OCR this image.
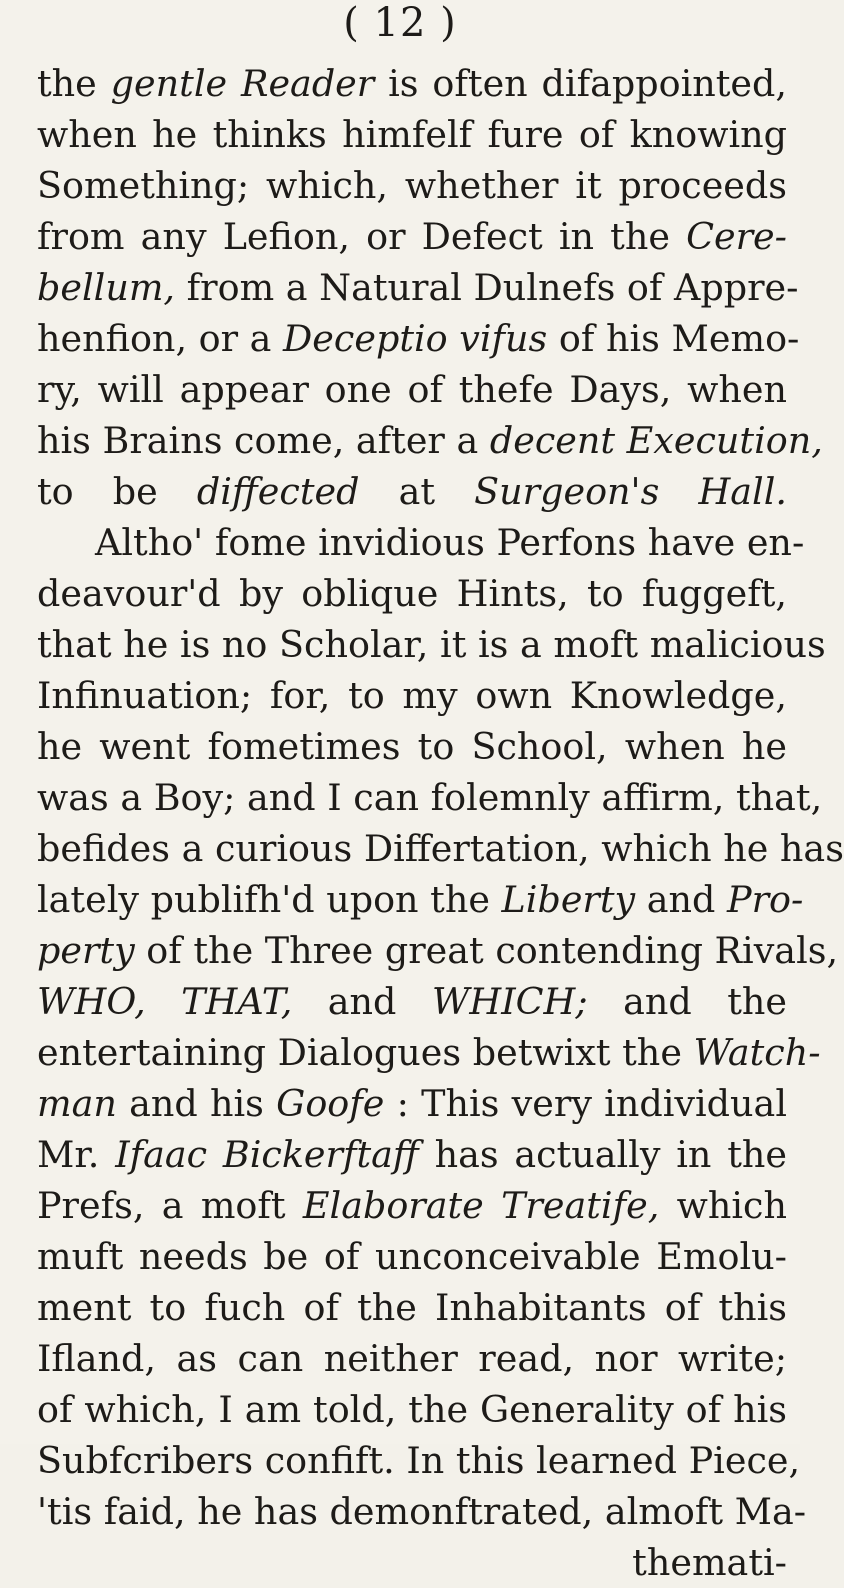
( 12 )
the gentle Reader is often difappointed,
when he thinks himfelf fure of knowing
Something; which, whether it proceeds
from any Lefion, or Defect in the Cere-
bellum, from a Natural Dulnefs of Appre-
henfion, or a Deceptio vifus of his Memo-
ry, will appear one of thefe Days, when
his Brains come, after a decent Execution,
to be diffected at Surgeon's Hall.
Altho' fome invidious Perfons have en-
deavour'd by oblique Hints, to fuggeft,
that he is no Scholar, it is a moft malicious
Infinuation; for, to my own Knowledge,
he went fometimes to School, when he
was a Boy; and I can folemnly affirm, that,
befides a curious Differtation, which he has
lately publifh'd upon the Liberty and Pro-
perty of the Three great contending Rivals,
WHO, THAT, and WHICH; and the
entertaining Dialogues betwixt the Watch-
man and his Goofe : This very individual
Mr. Ifaac Bickerftaff has actually in the
Prefs, a moft Elaborate Treatife, which
muft needs be of unconceivable Emolu-
ment to fuch of the Inhabitants of this
Ifland, as can neither read, nor write;
of which, I am told, the Generality of his
Subfcribers confift. In this learned Piece,
'tis faid, he has demonftrated, almoft Ma-
themati-
